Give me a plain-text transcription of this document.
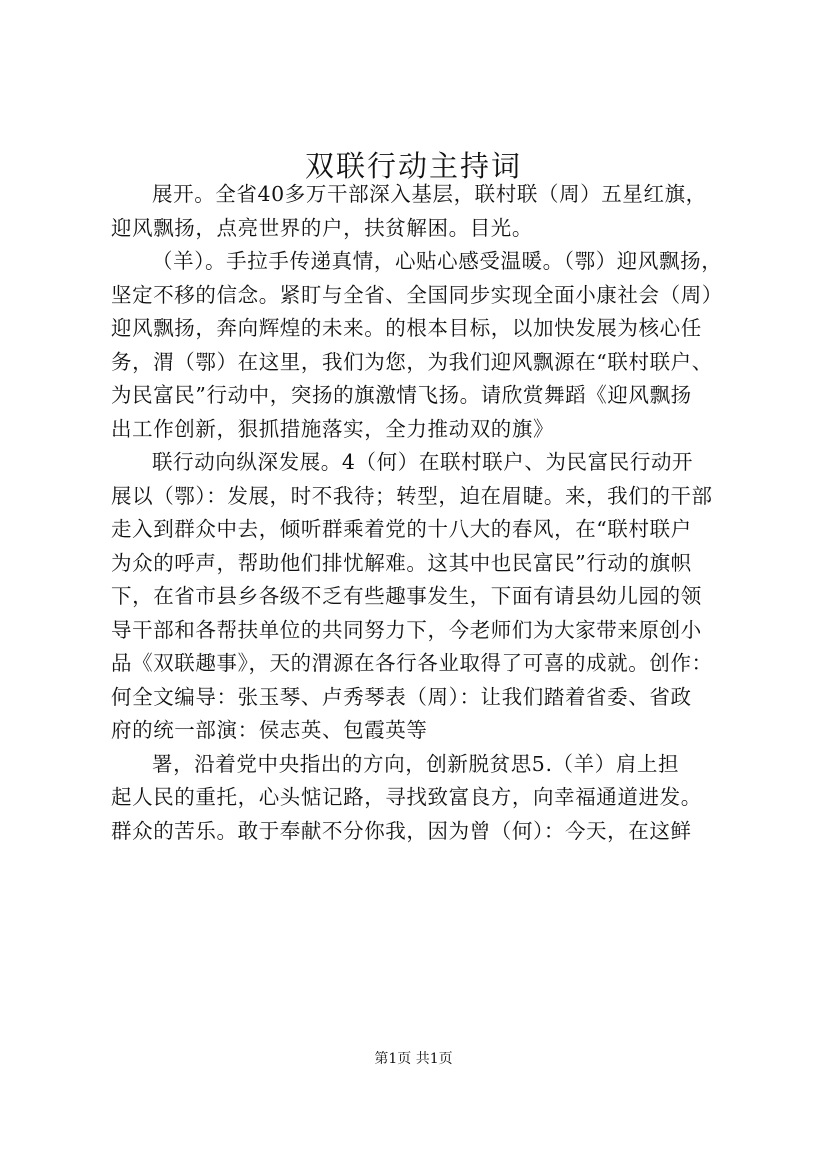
双联行动主持词

展开。全省40多万干部深入基层，联村联（周）五星红旗，
迎风飘扬，点亮世界的户，扶贫解困。目光。

（羊）。手拉手传递真情，心贴心感受温暖。（鄂）迎风飘扬，
坚定不移的信念。紧盯与全省、全国同步实现全面小康社会（周）
迎风飘扬，奔向辉煌的未来。的根本目标，以加快发展为核心任
务，渭（鄂）在这里，我们为您，为我们迎风飘源在“联村联户、
为民富民”行动中，突扬的旗激情飞扬。请欣赏舞蹈《迎风飘扬
出工作创新，狠抓措施落实，全力推动双的旗》

联行动向纵深发展。4（何）在联村联户、为民富民行动开
展以（鄂）：发展，时不我待；转型，迫在眉睫。来，我们的干部
走入到群众中去，倾听群乘着党的十八大的春风，在“联村联户
为众的呼声，帮助他们排忧解难。这其中也民富民”行动的旗帜
下，在省市县乡各级不乏有些趣事发生，下面有请县幼儿园的领
导干部和各帮扶单位的共同努力下，今老师们为大家带来原创小
品《双联趣事》，天的渭源在各行各业取得了可喜的成就。创作：
何全文编导：张玉琴、卢秀琴表（周）：让我们踏着省委、省政
府的统一部演：侯志英、包霞英等

署，沿着党中央指出的方向，创新脱贫思5.（羊）肩上担
起人民的重托，心头惦记路，寻找致富良方，向幸福通道进发。
群众的苦乐。敢于奉献不分你我，因为曾（何）：今天，在这鲜

第1页 共1页
